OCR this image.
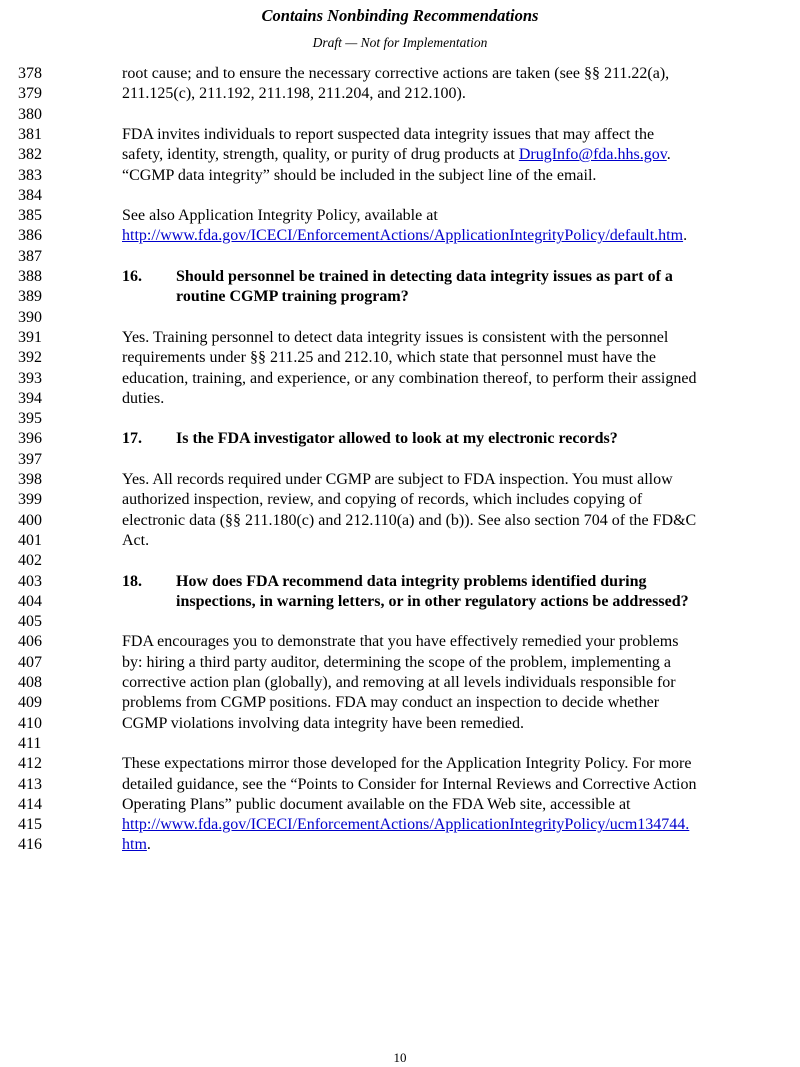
Contains Nonbinding Recommendations
Draft — Not for Implementation
378	root cause; and to ensure the necessary corrective actions are taken (see §§ 211.22(a),
379	211.125(c), 211.192, 211.198, 211.204, and 212.100).
380
381	FDA invites individuals to report suspected data integrity issues that may affect the
382	safety, identity, strength, quality, or purity of drug products at DrugInfo@fda.hhs.gov.
383	“CGMP data integrity” should be included in the subject line of the email.
384
385	See also Application Integrity Policy, available at
386	http://www.fda.gov/ICECI/EnforcementActions/ApplicationIntegrityPolicy/default.htm.
387
388	16. Should personnel be trained in detecting data integrity issues as part of a
389	routine CGMP training program?
390
391	Yes. Training personnel to detect data integrity issues is consistent with the personnel
392	requirements under §§ 211.25 and 212.10, which state that personnel must have the
393	education, training, and experience, or any combination thereof, to perform their assigned
394	duties.
395
396	17. Is the FDA investigator allowed to look at my electronic records?
397
398	Yes. All records required under CGMP are subject to FDA inspection. You must allow
399	authorized inspection, review, and copying of records, which includes copying of
400	electronic data (§§ 211.180(c) and 212.110(a) and (b)). See also section 704 of the FD&C
401	Act.
402
403	18. How does FDA recommend data integrity problems identified during
404	inspections, in warning letters, or in other regulatory actions be addressed?
405
406	FDA encourages you to demonstrate that you have effectively remedied your problems
407	by: hiring a third party auditor, determining the scope of the problem, implementing a
408	corrective action plan (globally), and removing at all levels individuals responsible for
409	problems from CGMP positions. FDA may conduct an inspection to decide whether
410	CGMP violations involving data integrity have been remedied.
411
412	These expectations mirror those developed for the Application Integrity Policy. For more
413	detailed guidance, see the “Points to Consider for Internal Reviews and Corrective Action
414	Operating Plans” public document available on the FDA Web site, accessible at
415	http://www.fda.gov/ICECI/EnforcementActions/ApplicationIntegrityPolicy/ucm134744.
416	htm.
10
